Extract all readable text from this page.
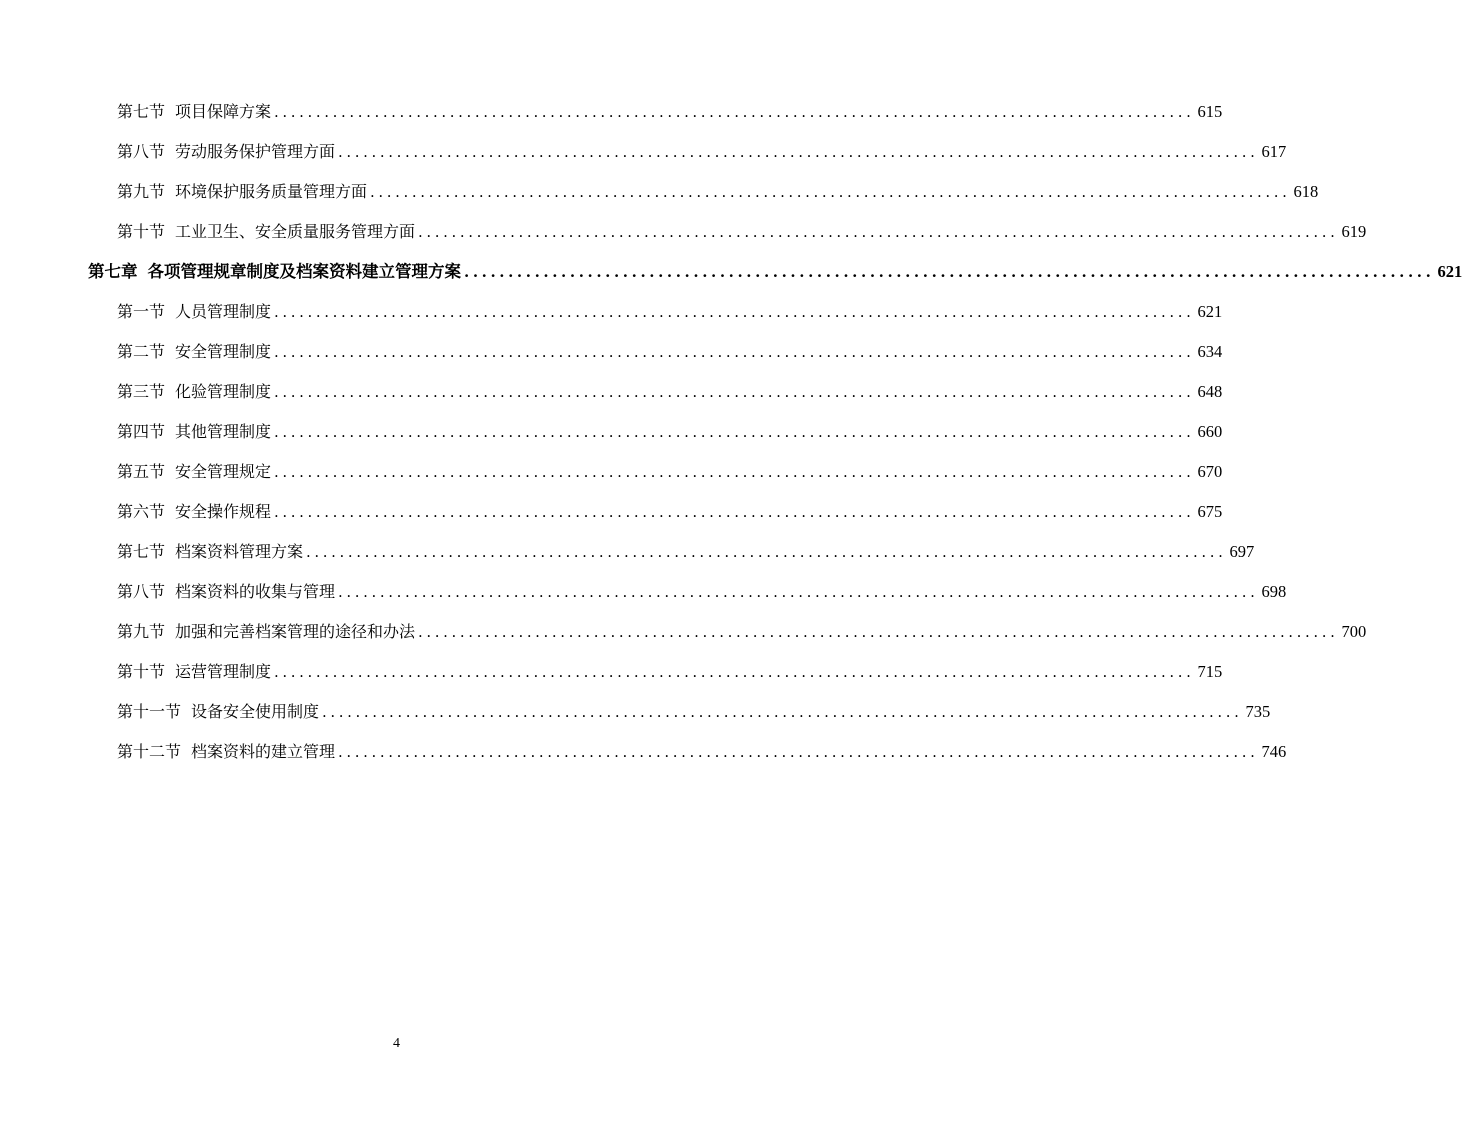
第七节 项目保障方案 .............................................................................................................. 615
第八节 劳动服务保护管理方面 .............................................................................................................. 617
第九节 环境保护服务质量管理方面 .............................................................................................................. 618
第十节 工业卫生、安全质量服务管理方面 .............................................................................................................. 619
第七章 各项管理规章制度及档案资料建立管理方案 .............................................................................................................. 621
第一节 人员管理制度 .............................................................................................................. 621
第二节 安全管理制度 .............................................................................................................. 634
第三节 化验管理制度 .............................................................................................................. 648
第四节 其他管理制度 .............................................................................................................. 660
第五节 安全管理规定 .............................................................................................................. 670
第六节 安全操作规程 .............................................................................................................. 675
第七节 档案资料管理方案 .............................................................................................................. 697
第八节 档案资料的收集与管理 .............................................................................................................. 698
第九节 加强和完善档案管理的途径和办法 .............................................................................................................. 700
第十节 运营管理制度 .............................................................................................................. 715
第十一节 设备安全使用制度 .............................................................................................................. 735
第十二节 档案资料的建立管理 .............................................................................................................. 746
4
